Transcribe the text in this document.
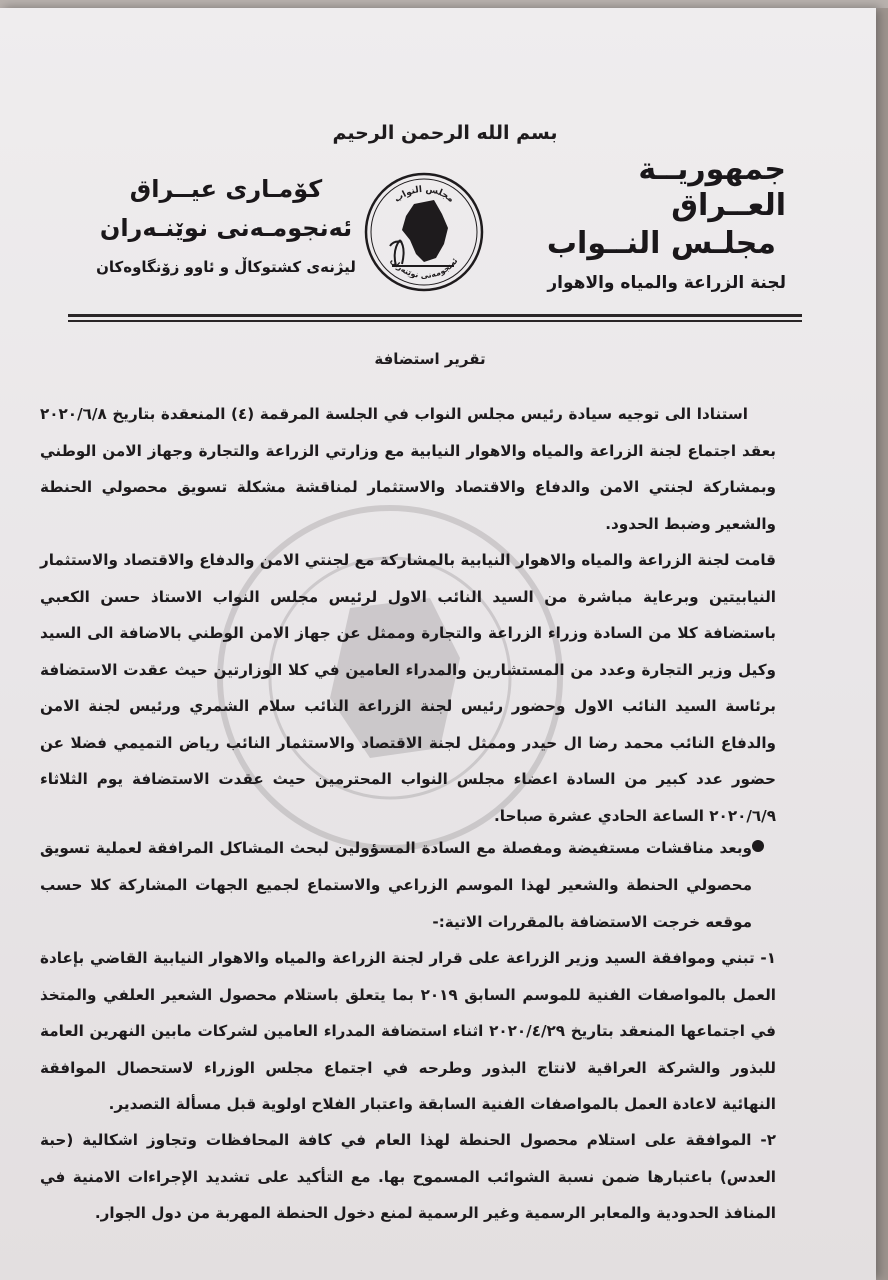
بسم الله الرحمن الرحيم
جمهوريــة العــراق
مجلـس النــواب
لجنة الزراعة والمياه والاهوار
كۆمـارى عيــراق
ئەنجومـەنى نوێنـەران
ليژنەى كشتوكاڵ و ئاوو زۆنگاوەكان
مجلس النواب
ئەنجومەنى نوێنەران
تقرير استضافة
استنادا الى توجيه سيادة رئيس مجلس النواب في الجلسة المرقمة (٤) المنعقدة بتاريخ ٢٠٢٠/٦/٨ بعقد اجتماع لجنة الزراعة والمياه والاهوار النيابية مع وزارتي الزراعة والتجارة وجهاز الامن الوطني وبمشاركة لجنتي الامن والدفاع والاقتصاد والاستثمار لمناقشة مشكلة تسويق محصولي الحنطة والشعير وضبط الحدود.
قامت لجنة الزراعة والمياه والاهوار النيابية بالمشاركة مع لجنتي الامن والدفاع والاقتصاد والاستثمار النيابيتين وبرعاية مباشرة من السيد النائب الاول لرئيس مجلس النواب الاستاذ حسن الكعبي باستضافة كلا من السادة وزراء الزراعة والتجارة وممثل عن جهاز الامن الوطني بالاضافة الى السيد وكيل وزير التجارة وعدد من المستشارين والمدراء العامين في كلا الوزارتين حيث عقدت الاستضافة برئاسة السيد النائب الاول وحضور رئيس لجنة الزراعة النائب سلام الشمري ورئيس لجنة الامن والدفاع النائب محمد رضا ال حيدر وممثل لجنة الاقتصاد والاستثمار النائب رياض التميمي فضلا عن حضور عدد كبير من السادة اعضاء مجلس النواب المحترمين حيث عقدت الاستضافة يوم الثلاثاء ٢٠٢٠/٦/٩ الساعة الحادي عشرة صباحا.
وبعد مناقشات مستفيضة ومفصلة مع السادة المسؤولين لبحث المشاكل المرافقة لعملية تسويق محصولي الحنطة والشعير لهذا الموسم الزراعي والاستماع لجميع الجهات المشاركة كلا حسب موقعه خرجت الاستضافة بالمقررات الاتية:-
١- تبني وموافقة السيد وزير الزراعة على قرار لجنة الزراعة والمياه والاهوار النيابية القاضي بإعادة العمل بالمواصفات الفنية للموسم السابق ٢٠١٩ بما يتعلق باستلام محصول الشعير العلفي والمتخذ في اجتماعها المنعقد بتاريخ ٢٠٢٠/٤/٢٩ اثناء استضافة المدراء العامين لشركات مابين النهرين العامة للبذور والشركة العراقية لانتاج البذور وطرحه في اجتماع مجلس الوزراء لاستحصال الموافقة النهائية لاعادة العمل بالمواصفات الفنية السابقة واعتبار الفلاح اولوية قبل مسألة التصدير.
٢- الموافقة على استلام محصول الحنطة لهذا العام في كافة المحافظات وتجاوز اشكالية (حبة العدس) باعتبارها ضمن نسبة الشوائب المسموح بها. مع التأكيد على تشديد الإجراءات الامنية في المنافذ الحدودية والمعابر الرسمية وغير الرسمية لمنع دخول الحنطة المهربة من دول الجوار.
